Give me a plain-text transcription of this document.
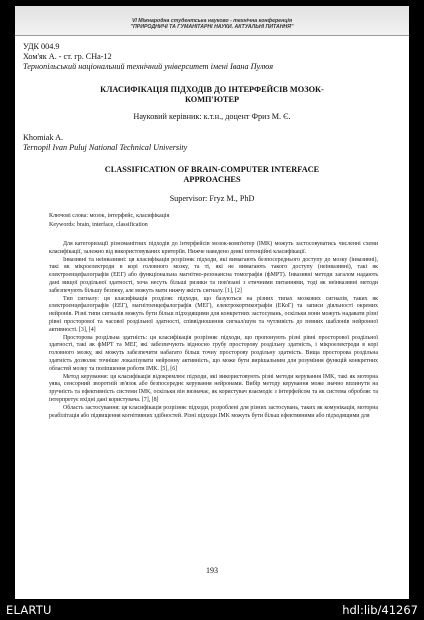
VI Міжнародна студентська науково - технічна конференція
"ПРИРОДНИЧІ ТА ГУМАНІТАРНІ НАУКИ. АКТУАЛЬНІ ПИТАННЯ"
УДК 004.9
Хом'як А. - ст. гр. СНа-12
Тернопільський національний технічний університет імені Івана Пулюя
КЛАСИФІКАЦІЯ ПІДХОДІВ ДО ІНТЕРФЕЙСІВ МОЗОК-
КОМП'ЮТЕР
Науковий керівник: к.т.н., доцент Фриз М. Є.
Khomiak A.
Ternopil Ivan Puluj National Technical University
CLASSIFICATION OF BRAIN-COMPUTER INTERFACE
APPROACHES
Supervisor: Fryz M., PhD
Ключові слова: мозок, інтерфейс, класифікація
Keywords: brain, interface, classification

Для категоризації різноманітних підходів до інтерфейсів мозок-комп'ютер (IMK) можуть застосовуватись численні схеми класифікації, залежно від використовуваних критеріїв. Нижче наведено деякі потенційні класифікації.

Інвазивні та неінвазивні: ця класифікація розрізняє підходи, які вимагають безпосереднього доступу до мозку (інвазивні), такі як мікроелектроди в корі головного мозку, та ті, які не вимагають такого доступу (неінвазивні), такі як електроенцефалографія (ЕЕГ) або функціональна магнітно-резонансна томографія (фМРТ). Інвазивні методи загалом надають дані вищої роздільної здатності, хоча несуть більші ризики та пов'язані з етичними питаннями, тоді як неінвазивні методи забезпечують більшу безпеку, але можуть мати нижчу якість сигналу. [1], [2]

Тип сигналу: ця класифікація розділяє підходи, що базуються на різних типах мозкових сигналів, таких як електроенцефалографія (ЕЕГ), магнітоенцефалографія (МЕГ), електрокортикографія (ЕКоГ) та записи діяльності окремих нейронів. Різні типи сигналів можуть бути більш підходящими для конкретних застосувань, оскільки вони можуть надавати різні рівні просторової та часової роздільної здатності, співвідношення сигнал/шум та чутливість до певних шаблонів нейронної активності. [3], [4]

Просторова роздільна здатність: ця класифікація розрізняє підходи, що пропонують різні рівні просторової роздільної здатності, такі як фМРТ та МЕГ, які забезпечують відносно грубу просторову роздільну здатність, і мікроелектроди в корі головного мозку, які можуть забезпечити набагато більш точну просторову роздільну здатність. Вища просторова роздільна здатність дозволяє точніше локалізувати нейронну активність, що може бути вирішальним для розуміння функцій конкретних областей мозку та поліпшення роботи IMK. [5], [6]

Метод керування: ця класифікація відокремлює підходи, які використовують різні методи керування IMK, такі як моторна уява, сенсорний зворотній зв'язок або безпосереднє керування нейронами. Вибір методу керування може значно вплинути на зручність та ефективність системи IMK, оскільки він визначає, як користувач взаємодіє з інтерфейсом та як система обробляє та інтерпретує вхідні дані користувача. [7], [8]

Область застосування: ця класифікація розрізняє підходи, розроблені для різних застосувань, таких як комунікація, моторна реабілітація або підвищення когнітивних здібностей. Різні підходи IMK можуть бути більш ефективними або підходящими для

193
ELARTU	hdl:lib/41267
